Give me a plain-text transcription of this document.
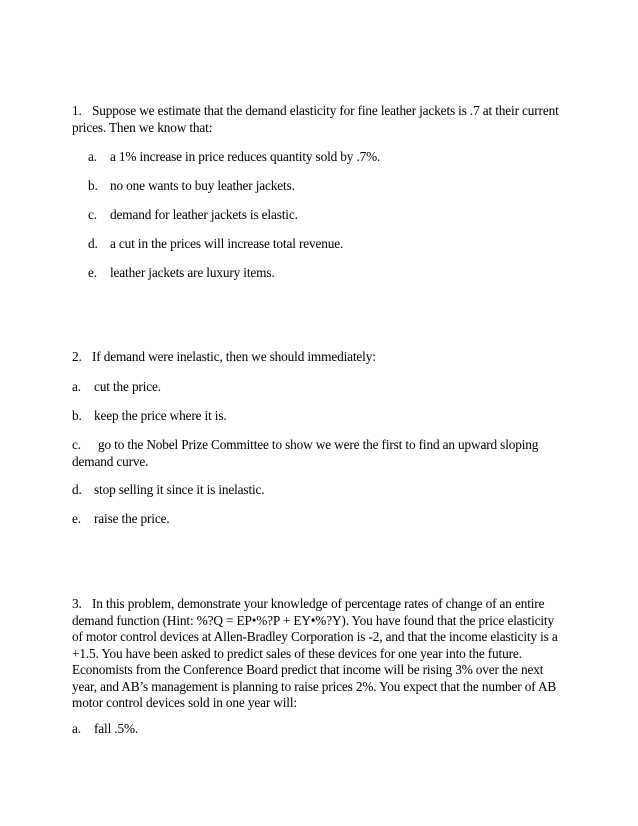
1. Suppose we estimate that the demand elasticity for fine leather jackets is .7 at their current prices. Then we know that:

a. a 1% increase in price reduces quantity sold by .7%.

b. no one wants to buy leather jackets.

c. demand for leather jackets is elastic.

d. a cut in the prices will increase total revenue.

e. leather jackets are luxury items.

2. If demand were inelastic, then we should immediately:

a. cut the price.

b. keep the price where it is.

c. go to the Nobel Prize Committee to show we were the first to find an upward sloping demand curve.

d. stop selling it since it is inelastic.

e. raise the price.

3. In this problem, demonstrate your knowledge of percentage rates of change of an entire demand function (Hint: %?Q = EP•%?P + EY•%?Y). You have found that the price elasticity of motor control devices at Allen-Bradley Corporation is -2, and that the income elasticity is a +1.5. You have been asked to predict sales of these devices for one year into the future. Economists from the Conference Board predict that income will be rising 3% over the next year, and AB’s management is planning to raise prices 2%. You expect that the number of AB motor control devices sold in one year will:

a. fall .5%.
